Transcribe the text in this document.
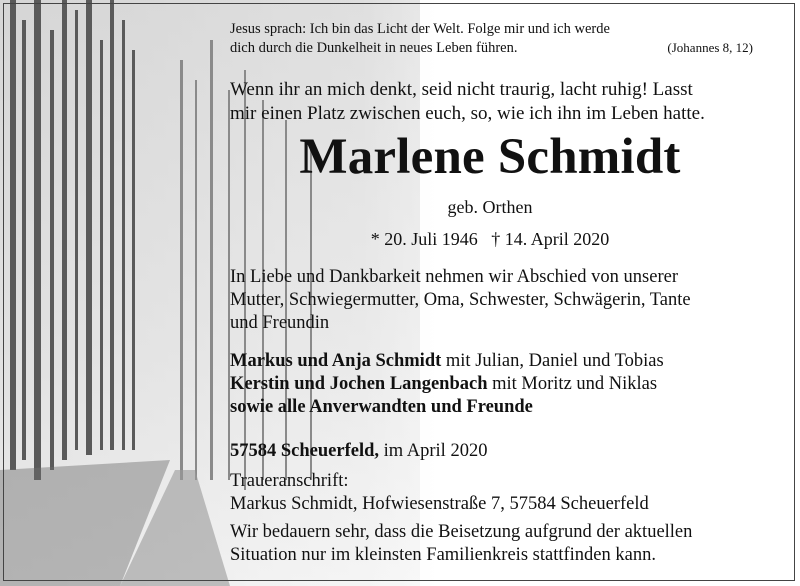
Jesus sprach: Ich bin das Licht der Welt. Folge mir und ich werde
dich durch die Dunkelheit in neues Leben führen.	(Johannes 8, 12)
Wenn ihr an mich denkt, seid nicht traurig, lacht ruhig! Lasst
mir einen Platz zwischen euch, so, wie ich ihn im Leben hatte.
Marlene Schmidt
geb. Orthen
* 20. Juli 1946   † 14. April 2020
In Liebe und Dankbarkeit nehmen wir Abschied von unserer
Mutter, Schwiegermutter, Oma, Schwester, Schwägerin, Tante
und Freundin
Markus und Anja Schmidt mit Julian, Daniel und Tobias
Kerstin und Jochen Langenbach mit Moritz und Niklas
sowie alle Anverwandten und Freunde
57584 Scheuerfeld, im April 2020
Traueranschrift:
Markus Schmidt, Hofwiesenstraße 7, 57584 Scheuerfeld
Wir bedauern sehr, dass die Beisetzung aufgrund der aktuellen
Situation nur im kleinsten Familienkreis stattfinden kann.
